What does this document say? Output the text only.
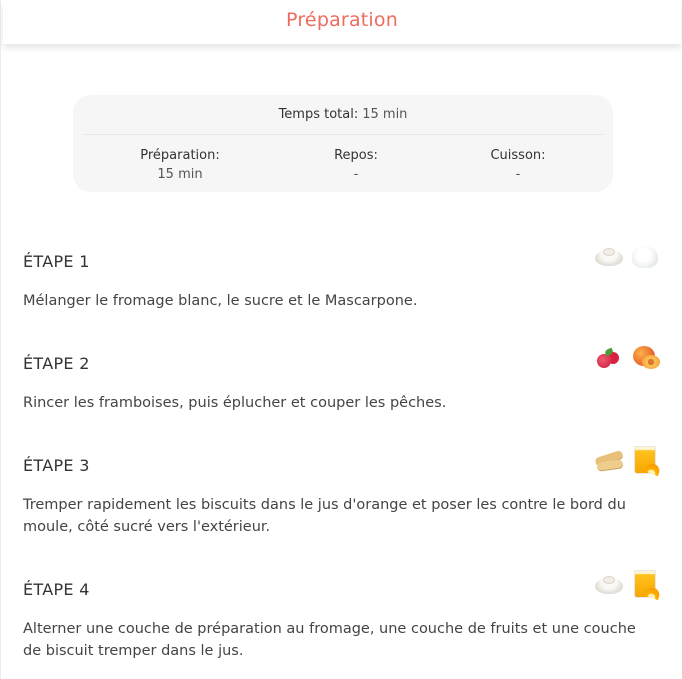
Préparation
Temps total: 15 min
Préparation:
15 min
Repos:
-
Cuisson:
-
ÉTAPE 1
Mélanger le fromage blanc, le sucre et le Mascarpone.
ÉTAPE 2
Rincer les framboises, puis éplucher et couper les pêches.
ÉTAPE 3
Tremper rapidement les biscuits dans le jus d'orange et poser les contre le bord du moule, côté sucré vers l'extérieur.
ÉTAPE 4
Alterner une couche de préparation au fromage, une couche de fruits et une couche de biscuit tremper dans le jus.
